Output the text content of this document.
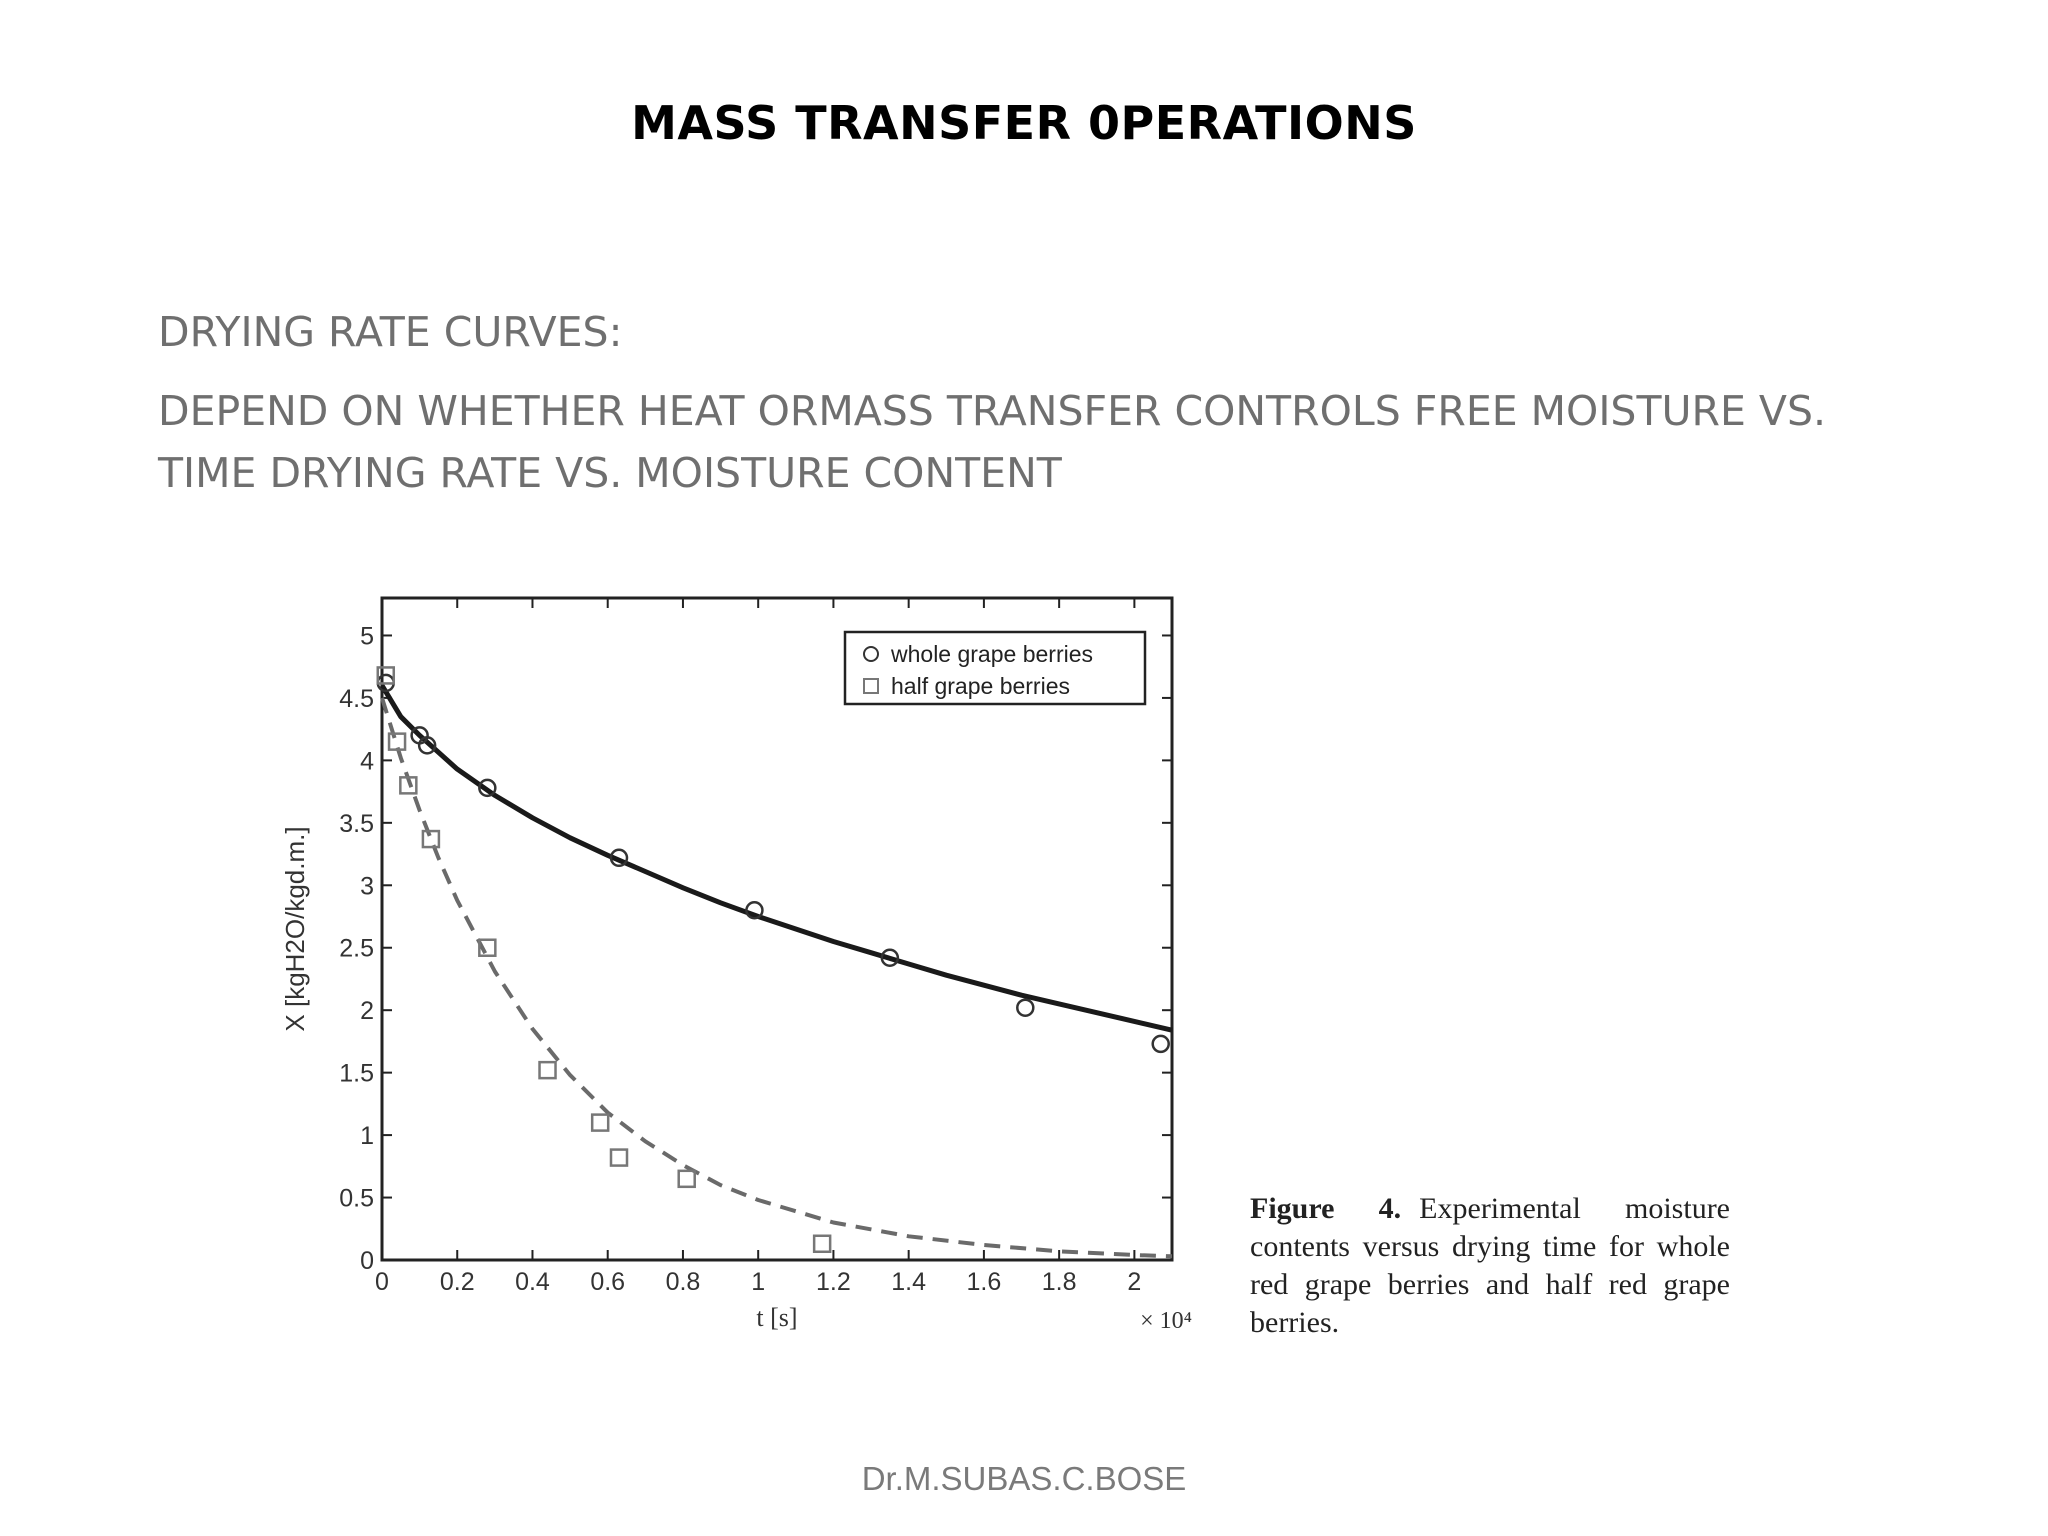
MASS TRANSFER 0PERATIONS
DRYING RATE CURVES:
DEPEND ON WHETHER HEAT ORMASS TRANSFER CONTROLS FREE MOISTURE VS. TIME DRYING RATE VS. MOISTURE CONTENT
0 0.2 0.4 0.6 0.8 1 1.2 1.4 1.6 1.8 2
0
0.5
1
1.5
2
2.5
3
3.5
4
4.5
5
t [s]	× 10⁴
X [kgH2O/kgd.m.]
whole grape berries
half grape berries
Figure 4. Experimental moisture contents versus drying time for whole red grape berries and half red grape berries.
Dr.M.SUBAS.C.BOSE
